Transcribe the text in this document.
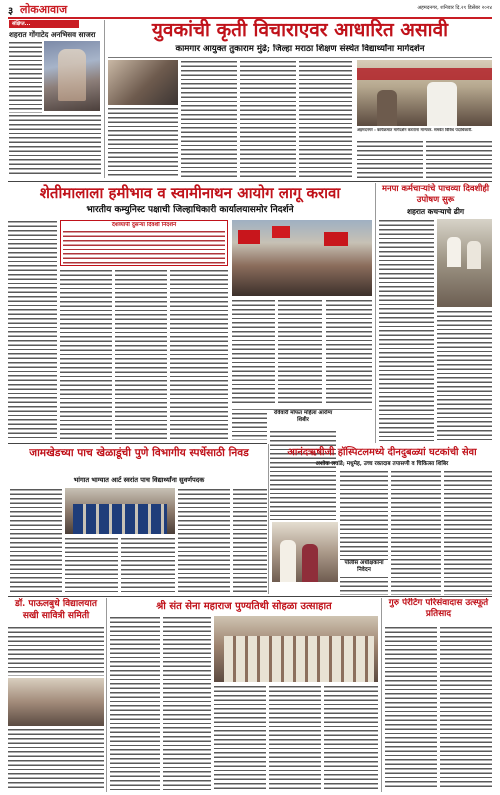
३ लोकआवाज	अहमदनगर, शनिवार दि.२१ डिसेंबर २०२४
संक्षिप्त...
शहरात गोंगाटेद अनभिसव साजरा	युवकांची कृती विचाराएवर आधारित असावी
कामगार आयुक्त तुकाराम मुंढे; जिल्हा मराठा शिक्षण संस्थेत विद्यार्थ्यांना मार्गदर्शन
अहमदनगर : कार्यक्रमात मार्गदर्शन करताना मान्यवर. समवेत विविध पदाधिकारी.
शेतीमालाला हमीभाव व स्वामीनाथन आयोग लागू करावा
भारतीय कम्युनिस्ट पक्षाची जिल्हाधिकारी कार्यालयासमोर निदर्शने
देशव्यापी दुसऱ्या दिवशी निदर्शने
मनपा कर्मचाऱ्यांचे पाचव्या दिवशीही उपोषण सुरू
शहरात कचऱ्याचे ढीग
रविवारी मोफत महिला आरोग्य शिबीर
जामखेडच्या पाच खेळाडूंची पुणे विभागीय स्पर्धेसाठी निवड
भांगात भाग्यात आर्ट स्वरांत पाच विद्यार्थ्यांना सुवर्णपदक
आनंदऋषीजी हॉस्पिटलमध्ये दीनदुबळ्यां घटकांची सेवा
अशोक लवांडे; मधुमेह, उच्च रक्तदाब तपासणी व चिकित्सा शिबिर
डॉ. पाऊलबुधे विद्यालयात सखी सावित्री समिती
श्री संत सेना महाराज पुण्यतिथी सोहळा उत्साहात
पोलीस अधीक्षकांना निवेदन
गुरु पेरेंटिंग परिसंवादास उत्स्फूर्त प्रतिसाद
